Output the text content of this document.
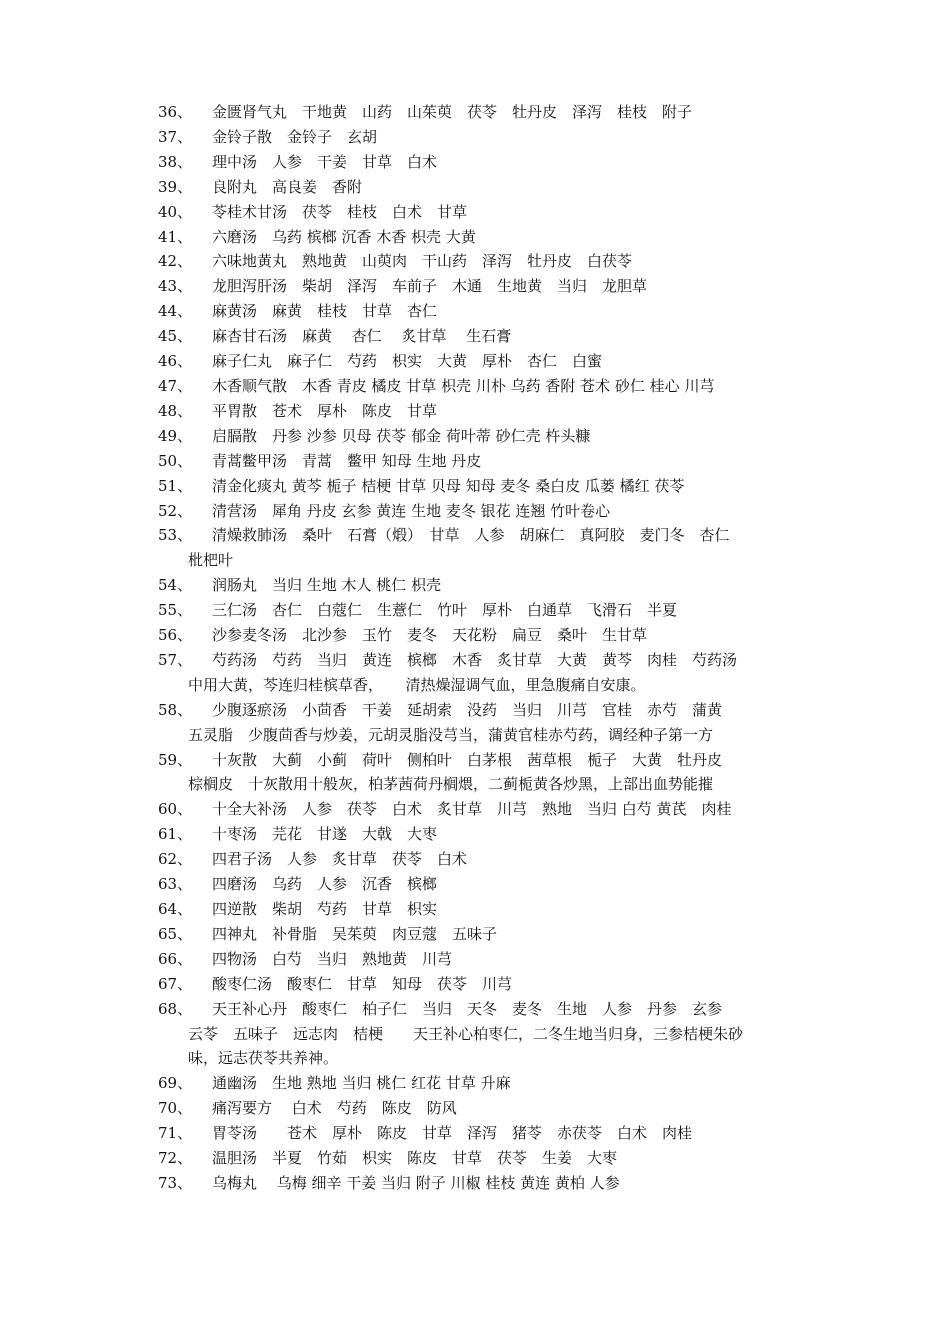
36、	金匮肾气丸　干地黄　山药　山茱萸　茯苓　牡丹皮　泽泻　桂枝　附子
37、	金铃子散　金铃子　玄胡
38、	理中汤　人参　干姜　甘草　白术
39、	良附丸　高良姜　香附
40、	苓桂术甘汤　茯苓　桂枝　白术　甘草
41、	六磨汤　乌药 槟榔 沉香 木香 枳壳 大黄
42、	六味地黄丸　熟地黄　山萸肉　干山药　泽泻　牡丹皮　白茯苓
43、	龙胆泻肝汤　柴胡　泽泻　车前子　木通　生地黄　当归　龙胆草
44、	麻黄汤　麻黄　桂枝　甘草　杏仁
45、	麻杏甘石汤　麻黄　 杏仁　 炙甘草　 生石膏
46、	麻子仁丸　麻子仁　芍药　枳实　大黄　厚朴　杏仁　白蜜
47、	木香顺气散　木香 青皮 橘皮 甘草 枳壳 川朴 乌药 香附 苍术 砂仁 桂心 川芎
48、	平胃散　苍术　厚朴　陈皮　甘草
49、	启膈散　丹参 沙参 贝母 茯苓 郁金 荷叶蒂 砂仁壳 杵头糠
50、	青蒿鳖甲汤　青蒿　鳖甲 知母 生地 丹皮
51、	清金化痰丸 黄芩 栀子 桔梗 甘草 贝母 知母 麦冬 桑白皮 瓜蒌 橘红 茯苓
52、	清营汤　犀角 丹皮 玄参 黄连 生地 麦冬 银花 连翘 竹叶卷心
53、	清燥救肺汤　桑叶　石膏（煅）　甘草　人参　胡麻仁　真阿胶　麦门冬　杏仁
枇杷叶
54、	润肠丸　当归 生地 木人 桃仁 枳壳
55、	三仁汤　杏仁　白蔻仁　生薏仁　竹叶　厚朴　白通草　飞滑石　半夏
56、	沙参麦冬汤　北沙参　玉竹　麦冬　天花粉　扁豆　桑叶　生甘草
57、	芍药汤　芍药　当归　黄连　槟榔　木香　炙甘草　大黄　黄芩　肉桂　芍药汤
中用大黄，芩连归桂槟草香，　　清热燥湿调气血，里急腹痛自安康。
58、	少腹逐瘀汤　小茴香　干姜　延胡索　没药　当归　川芎　官桂　赤芍　蒲黄
五灵脂　少腹茴香与炒姜，元胡灵脂没芎当，蒲黄官桂赤芍药，调经种子第一方
59、	十灰散　大蓟　小蓟　荷叶　侧柏叶　白茅根　茜草根　栀子　大黄　牡丹皮
棕榈皮　十灰散用十般灰，柏茅茜荷丹榈煨，二蓟栀黄各炒黑，上部出血势能摧
60、	十全大补汤　人参　茯苓　白术　炙甘草　川芎　熟地　当归 白芍 黄芪　肉桂
61、	十枣汤　芫花　甘遂　大戟　大枣
62、	四君子汤　人参　炙甘草　茯苓　白术
63、	四磨汤　乌药　人参　沉香　槟榔
64、	四逆散　柴胡　芍药　甘草　枳实
65、	四神丸　补骨脂　吴茱萸　肉豆蔻　五味子
66、	四物汤　白芍　当归　熟地黄　川芎
67、	酸枣仁汤　酸枣仁　甘草　知母　茯苓　川芎
68、	天王补心丹　酸枣仁　柏子仁　当归　天冬　麦冬　生地　人参　丹参　玄参
云苓　五味子　远志肉　桔梗　　天王补心柏枣仁，二冬生地当归身，三参桔梗朱砂
味，远志茯苓共养神。
69、	通幽汤　生地 熟地 当归 桃仁 红花 甘草 升麻
70、	痛泻要方　 白术　芍药　陈皮　防风
71、	胃苓汤　　苍术　厚朴　陈皮　甘草　泽泻　猪苓　赤茯苓　白术　肉桂
72、	温胆汤　半夏　竹茹　枳实　陈皮　甘草　茯苓　生姜　大枣
73、	乌梅丸　 乌梅 细辛 干姜 当归 附子 川椒 桂枝 黄连 黄柏 人参
